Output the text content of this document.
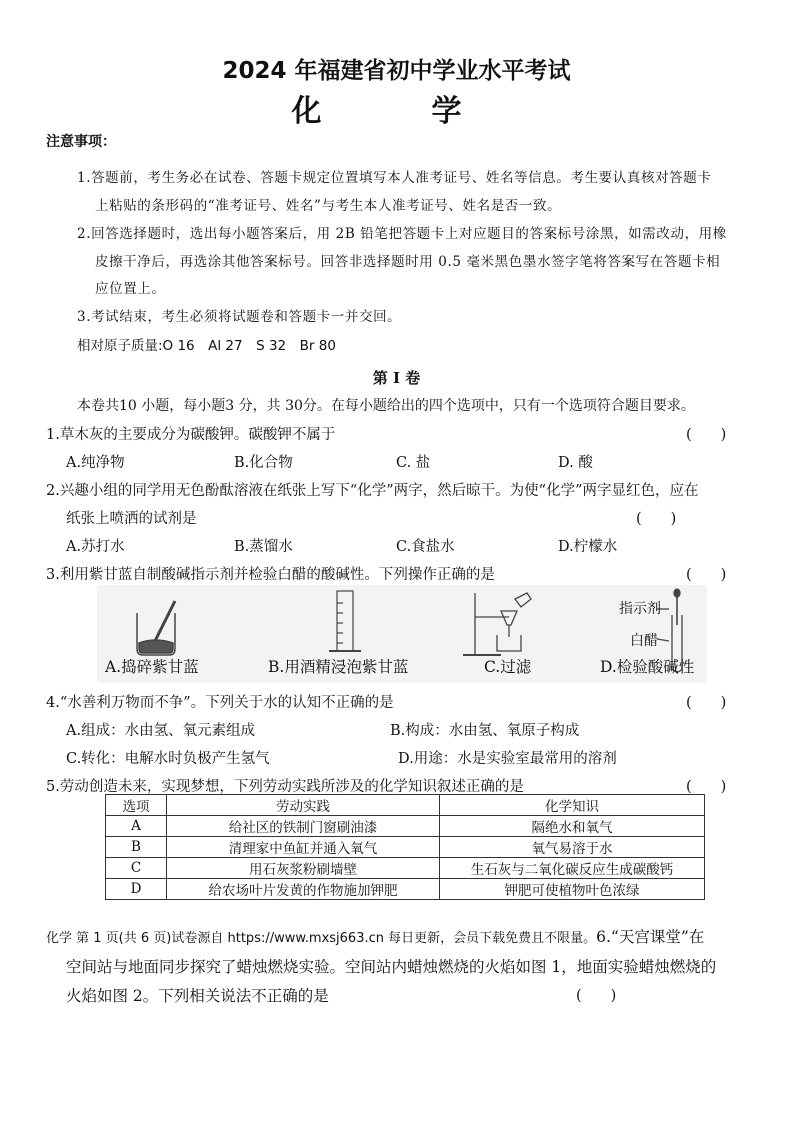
2024 年福建省初中学业水平考试
化　学
注意事项：
1.答题前，考生务必在试卷、答题卡规定位置填写本人准考证号、姓名等信息。考生要认真核对答题卡
上粘贴的条形码的“准考证号、姓名”与考生本人准考证号、姓名是否一致。
2.回答选择题时，选出每小题答案后，用 2B 铅笔把答题卡上对应题目的答案标号涂黑，如需改动，用橡
皮擦干净后，再选涂其他答案标号。回答非选择题时用 0.5 毫米黑色墨水签字笔将答案写在答题卡相
应位置上。
3.考试结束，考生必须将试题卷和答题卡一并交回。
相对原子质量:O 16　Al 27　S 32　Br 80
第 I 卷
本卷共10 小题，每小题3 分，共 30分。在每小题给出的四个选项中，只有一个选项符合题目要求。
1.草木灰的主要成分为碳酸钾。碳酸钾不属于	(　　)
A.纯净物	B.化合物	C. 盐	D. 酸
2.兴趣小组的同学用无色酚酞溶液在纸张上写下“化学”两字，然后晾干。为使“化学”两字显红色，应在
纸张上喷洒的试剂是	(　　)
A.苏打水	B.蒸馏水	C.食盐水	D.柠檬水
3.利用紫甘蓝自制酸碱指示剂并检验白醋的酸碱性。下列操作正确的是	(　　)
指示剂
白醋
A.捣碎紫甘蓝	B.用酒精浸泡紫甘蓝	C.过滤	D.检验酸碱性
4.“水善利万物而不争”。下列关于水的认知不正确的是	(　　)
A.组成：水由氢、氧元素组成	B.构成：水由氢、氧原子构成
C.转化：电解水时负极产生氢气	D.用途：水是实验室最常用的溶剂
5.劳动创造未来，实现梦想，下列劳动实践所涉及的化学知识叙述正确的是	(　　)
选项	劳动实践	化学知识
A	给社区的铁制门窗刷油漆	隔绝水和氧气
B	清理家中鱼缸并通入氧气	氧气易溶于水
C	用石灰浆粉刷墙壁	生石灰与二氧化碳反应生成碳酸钙
D	给农场叶片发黄的作物施加钾肥	钾肥可使植物叶色浓绿
化学 第 1 页(共 6 页)试卷源自 https://www.mxsj663.cn 每日更新，会员下载免费且不限量。6.“天宫课堂”在
空间站与地面同步探究了蜡烛燃烧实验。空间站内蜡烛燃烧的火焰如图 1，地面实验蜡烛燃烧的
火焰如图 2。下列相关说法不正确的是	(　　)
